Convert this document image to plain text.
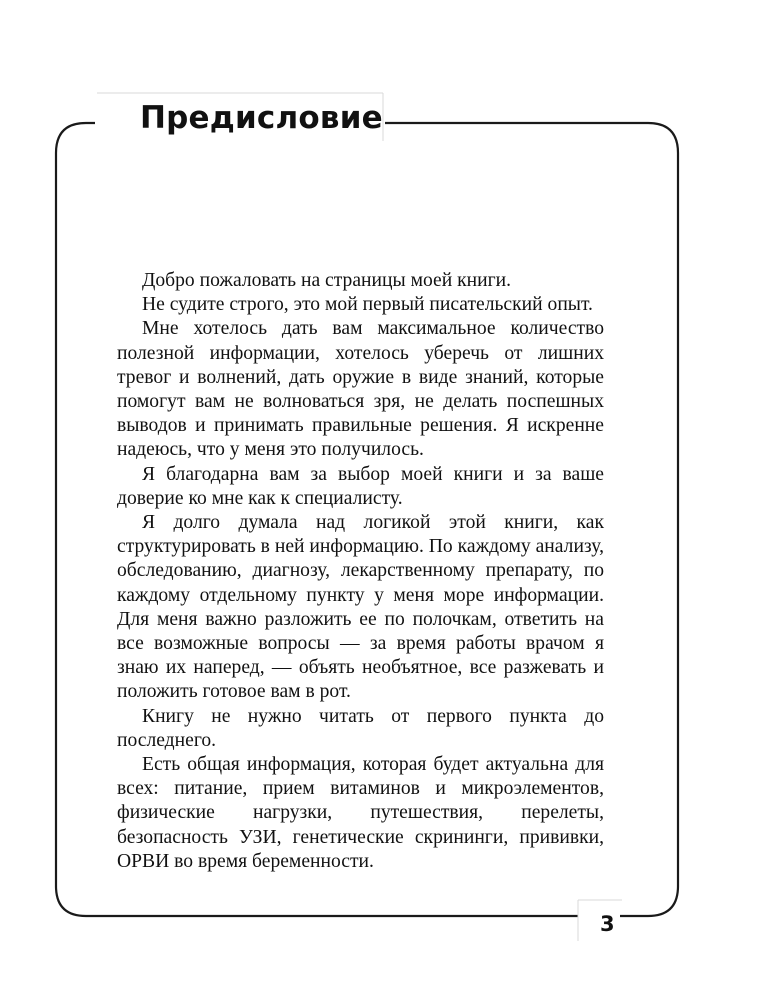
Предисловие

Добро пожаловать на страницы моей книги.

Не судите строго, это мой первый писательский опыт.

Мне хотелось дать вам максимальное количество полезной информации, хотелось уберечь от лишних тревог и волнений, дать оружие в виде знаний, которые помогут вам не волноваться зря, не делать поспешных выводов и принимать правильные решения. Я искренне надеюсь, что у меня это получилось.

Я благодарна вам за выбор моей книги и за ваше доверие ко мне как к специалисту.

Я долго думала над логикой этой книги, как структурировать в ней информацию. По каждому анализу, обследованию, диагнозу, лекарственному препарату, по каждому отдельному пункту у меня море информации. Для меня важно разложить ее по полочкам, ответить на все возможные вопросы — за время работы врачом я знаю их наперед, — объять необъятное, все разжевать и положить готовое вам в рот.

Книгу не нужно читать от первого пункта до последнего.

Есть общая информация, которая будет актуальна для всех: питание, прием витаминов и микроэлементов, физические нагрузки, путешествия, перелеты, безопасность УЗИ, генетические скрининги, прививки, ОРВИ во время беременности.

3
